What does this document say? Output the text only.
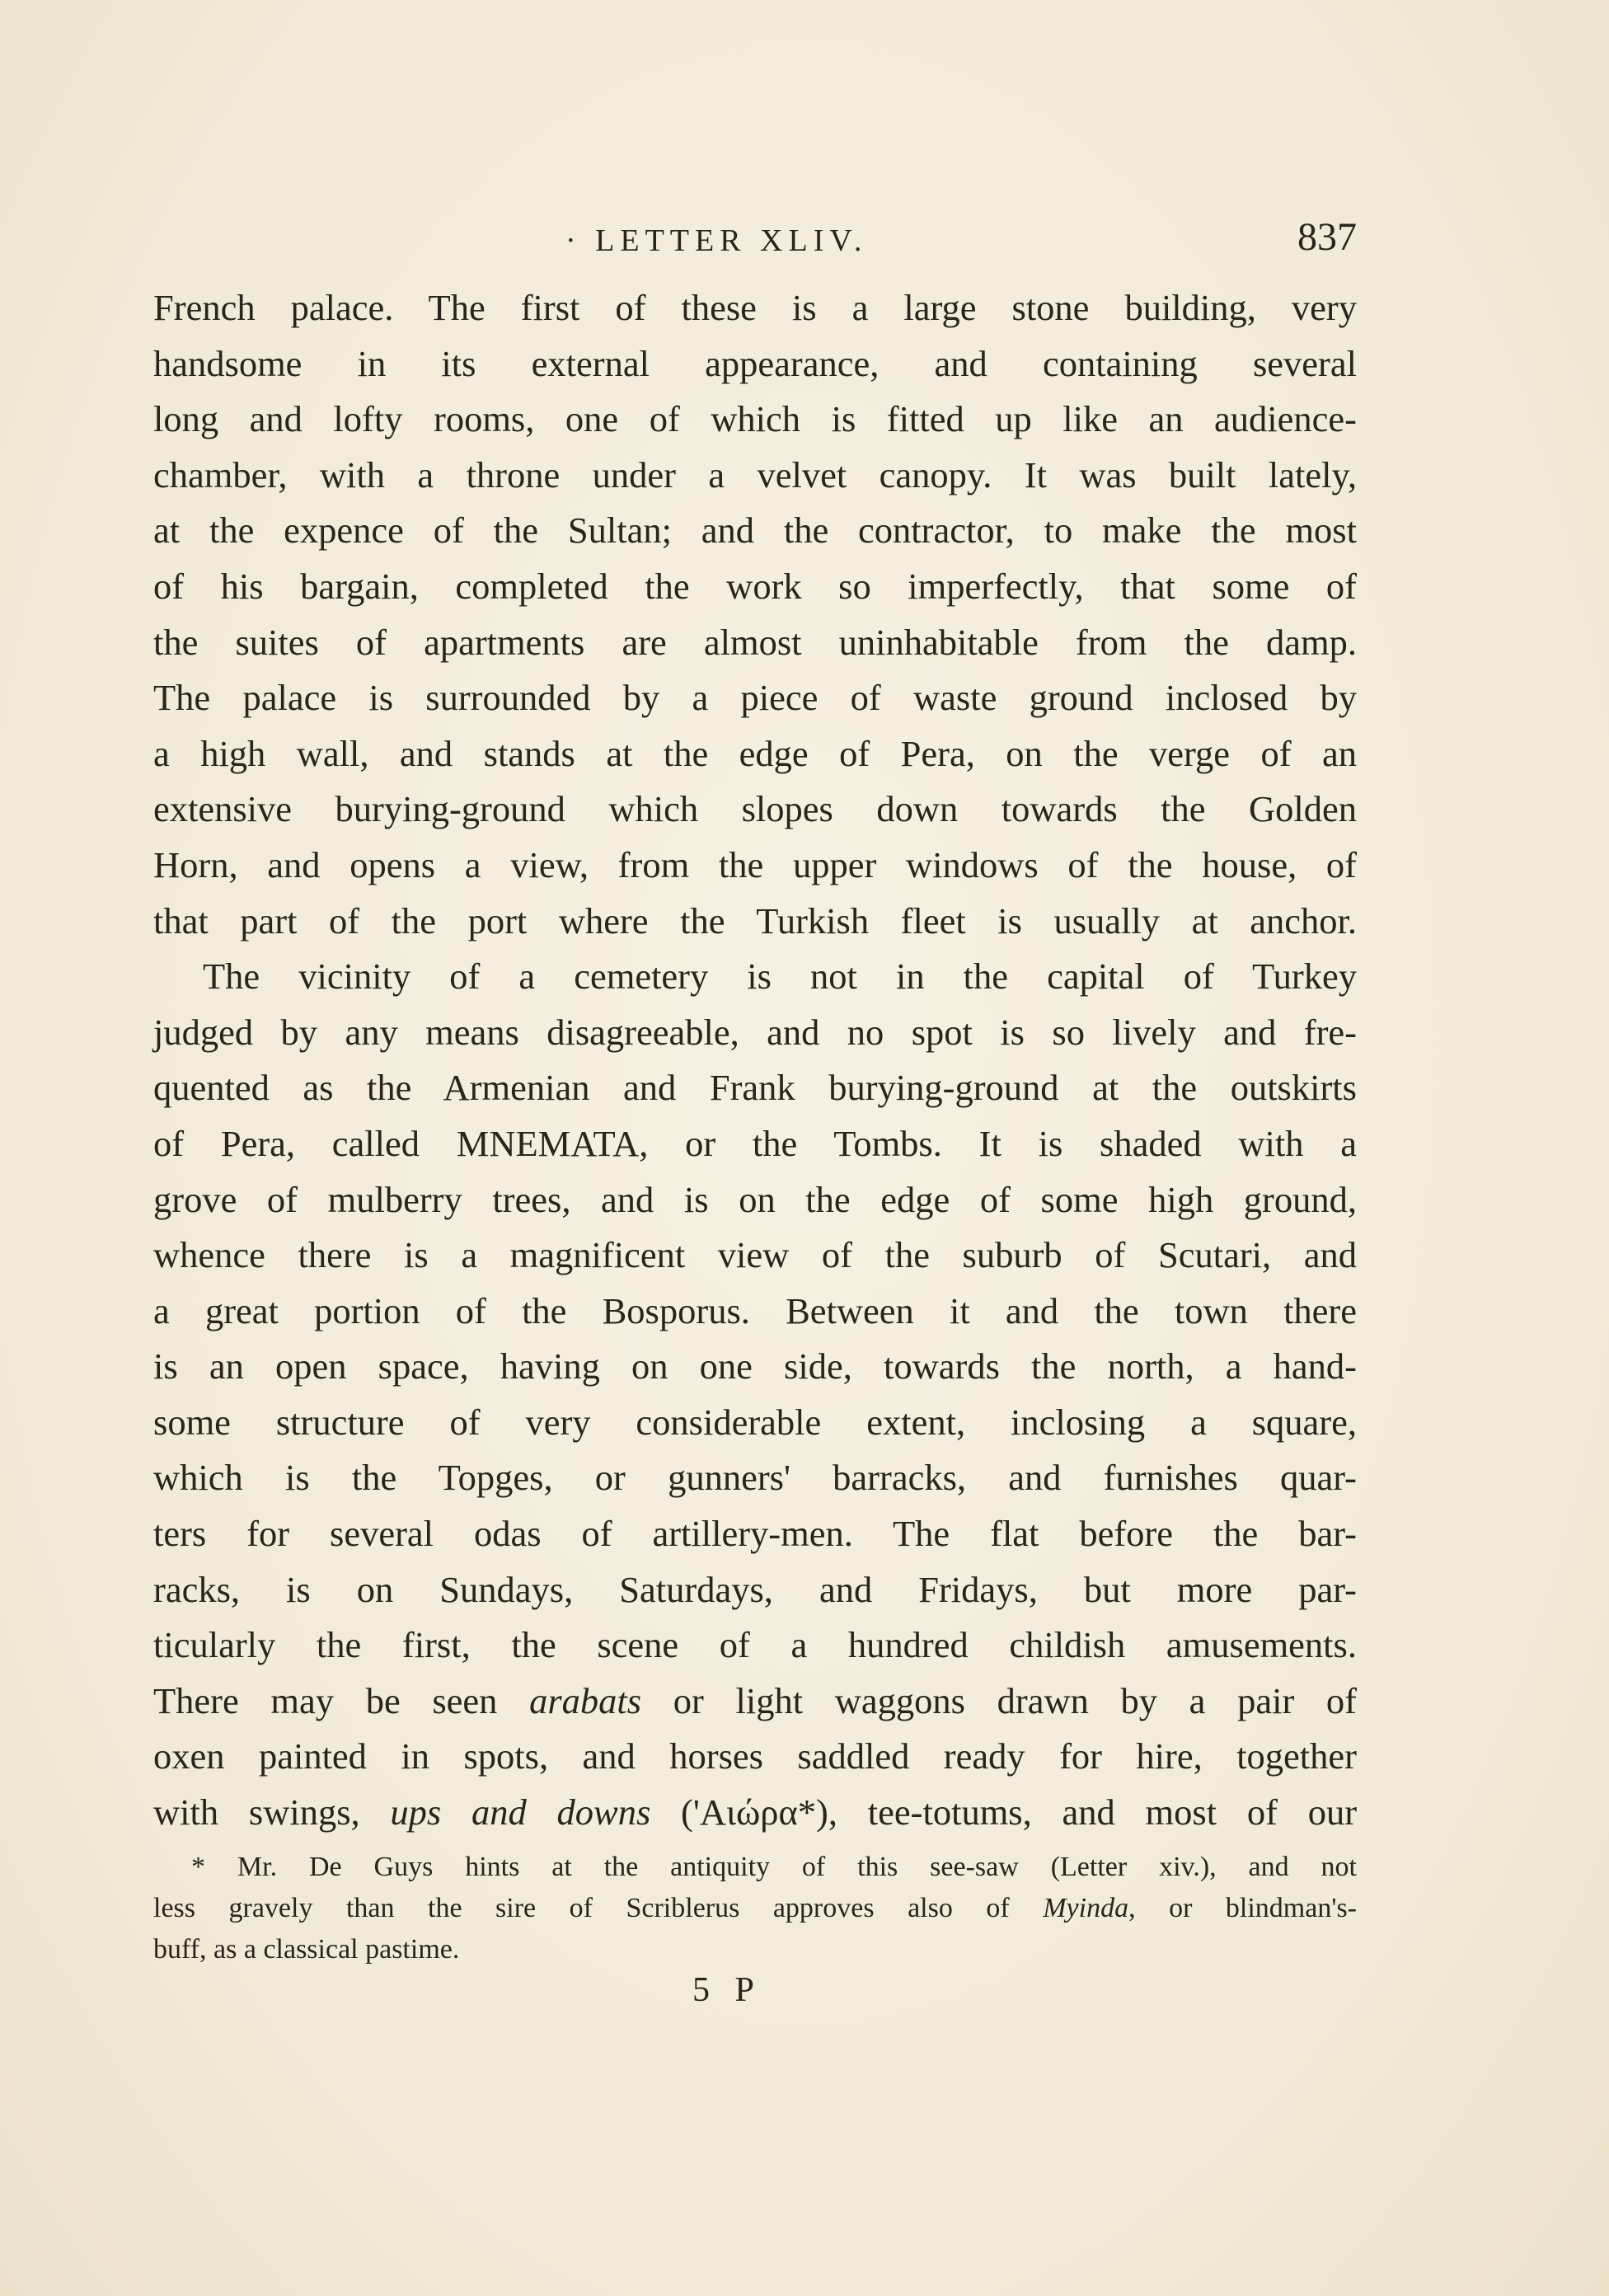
· LETTER XLIV.	837
French palace. The first of these is a large stone building, very
handsome in its external appearance, and containing several
long and lofty rooms, one of which is fitted up like an audience-
chamber, with a throne under a velvet canopy. It was built lately,
at the expence of the Sultan; and the contractor, to make the most
of his bargain, completed the work so imperfectly, that some of
the suites of apartments are almost uninhabitable from the damp.
The palace is surrounded by a piece of waste ground inclosed by
a high wall, and stands at the edge of Pera, on the verge of an
extensive burying-ground which slopes down towards the Golden
Horn, and opens a view, from the upper windows of the house, of
that part of the port where the Turkish fleet is usually at anchor.
The vicinity of a cemetery is not in the capital of Turkey
judged by any means disagreeable, and no spot is so lively and fre-
quented as the Armenian and Frank burying-ground at the outskirts
of Pera, called MNEMATA, or the Tombs. It is shaded with a
grove of mulberry trees, and is on the edge of some high ground,
whence there is a magnificent view of the suburb of Scutari, and
a great portion of the Bosporus. Between it and the town there
is an open space, having on one side, towards the north, a hand-
some structure of very considerable extent, inclosing a square,
which is the Topges, or gunners' barracks, and furnishes quar-
ters for several odas of artillery-men. The flat before the bar-
racks, is on Sundays, Saturdays, and Fridays, but more par-
ticularly the first, the scene of a hundred childish amusements.
There may be seen arabats or light waggons drawn by a pair of
oxen painted in spots, and horses saddled ready for hire, together
with swings, ups and downs ('Αιώρα*), tee-totums, and most of our
* Mr. De Guys hints at the antiquity of this see-saw (Letter xiv.), and not
less gravely than the sire of Scriblerus approves also of Myinda, or blindman's-
buff, as a classical pastime.
5 P
